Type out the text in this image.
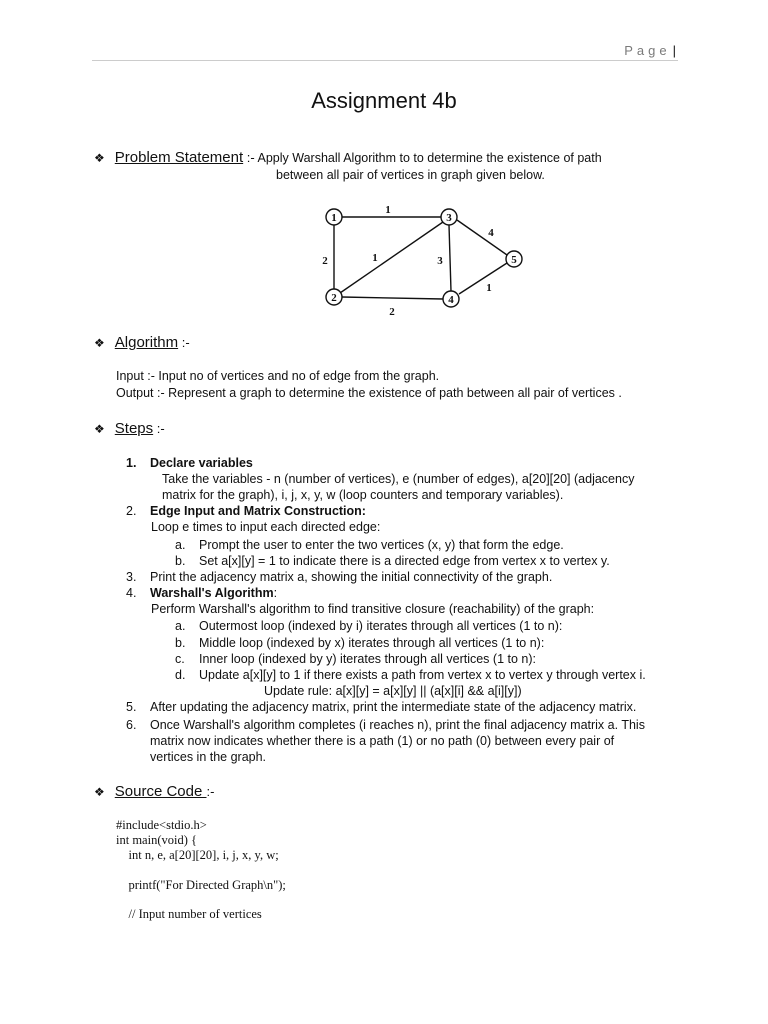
Page |
Assignment 4b
❖ Problem Statement :- Apply Warshall Algorithm to to determine the existence of path
between all pair of vertices in graph given below.
1
2
3
4
5
1
2	1	3
4
1
2
❖ Algorithm :-
Input :- Input no of vertices and no of edge from the graph.
Output :- Represent a graph to determine the existence of path between all pair of vertices .
❖ Steps :-
1. Declare variables
Take the variables - n (number of vertices), e (number of edges), a[20][20] (adjacency
matrix for the graph), i, j, x, y, w (loop counters and temporary variables).
2. Edge Input and Matrix Construction:
Loop e times to input each directed edge:
a. Prompt the user to enter the two vertices (x, y) that form the edge.
b. Set a[x][y] = 1 to indicate there is a directed edge from vertex x to vertex y.
3. Print the adjacency matrix a, showing the initial connectivity of the graph.
4. Warshall's Algorithm:
Perform Warshall's algorithm to find transitive closure (reachability) of the graph:
a. Outermost loop (indexed by i) iterates through all vertices (1 to n):
b. Middle loop (indexed by x) iterates through all vertices (1 to n):
c. Inner loop (indexed by y) iterates through all vertices (1 to n):
d. Update a[x][y] to 1 if there exists a path from vertex x to vertex y through vertex i.
Update rule: a[x][y] = a[x][y] || (a[x][i] && a[i][y])
5. After updating the adjacency matrix, print the intermediate state of the adjacency matrix.
6. Once Warshall's algorithm completes (i reaches n), print the final adjacency matrix a. This
matrix now indicates whether there is a path (1) or no path (0) between every pair of
vertices in the graph.
❖ Source Code :-
#include<stdio.h>
int main(void) {
int n, e, a[20][20], i, j, x, y, w;
printf("For Directed Graph\n");
// Input number of vertices
